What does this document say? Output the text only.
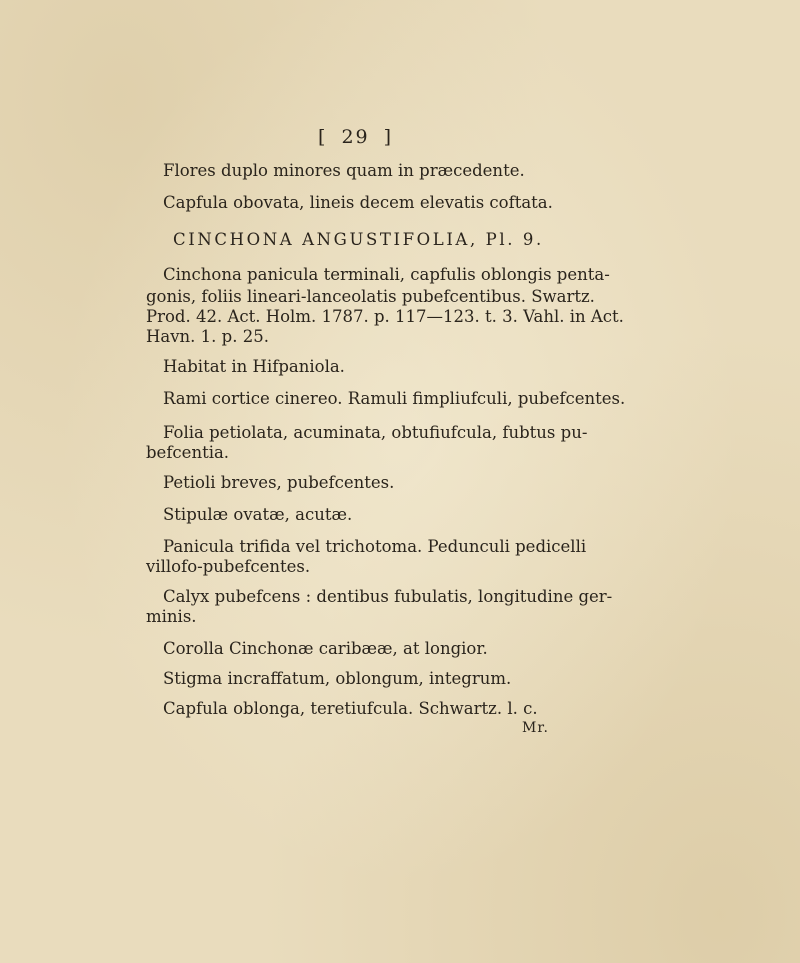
[ 29 ]
Flores duplo minores quam in præcedente.
Capfula obovata, lineis decem elevatis coftata.
CINCHONA ANGUSTIFOLIA, Pl. 9.
Cinchona panicula terminali, capfulis oblongis penta-
gonis, foliis lineari-lanceolatis pubefcentibus. Swartz.
Prod. 42. Act. Holm. 1787. p. 117—123. t. 3. Vahl. in Act.
Havn. 1. p. 25.
Habitat in Hifpaniola.
Rami cortice cinereo. Ramuli fimpliufculi, pubefcentes.
Folia petiolata, acuminata, obtufiufcula, fubtus pu-
befcentia.
Petioli breves, pubefcentes.
Stipulæ ovatæ, acutæ.
Panicula trifida vel trichotoma. Pedunculi pedicelli
villofo-pubefcentes.
Calyx pubefcens : dentibus fubulatis, longitudine ger-
minis.
Corolla Cinchonæ caribææ, at longior.
Stigma incraffatum, oblongum, integrum.
Capfula oblonga, teretiufcula. Schwartz. l. c.
Mr.
